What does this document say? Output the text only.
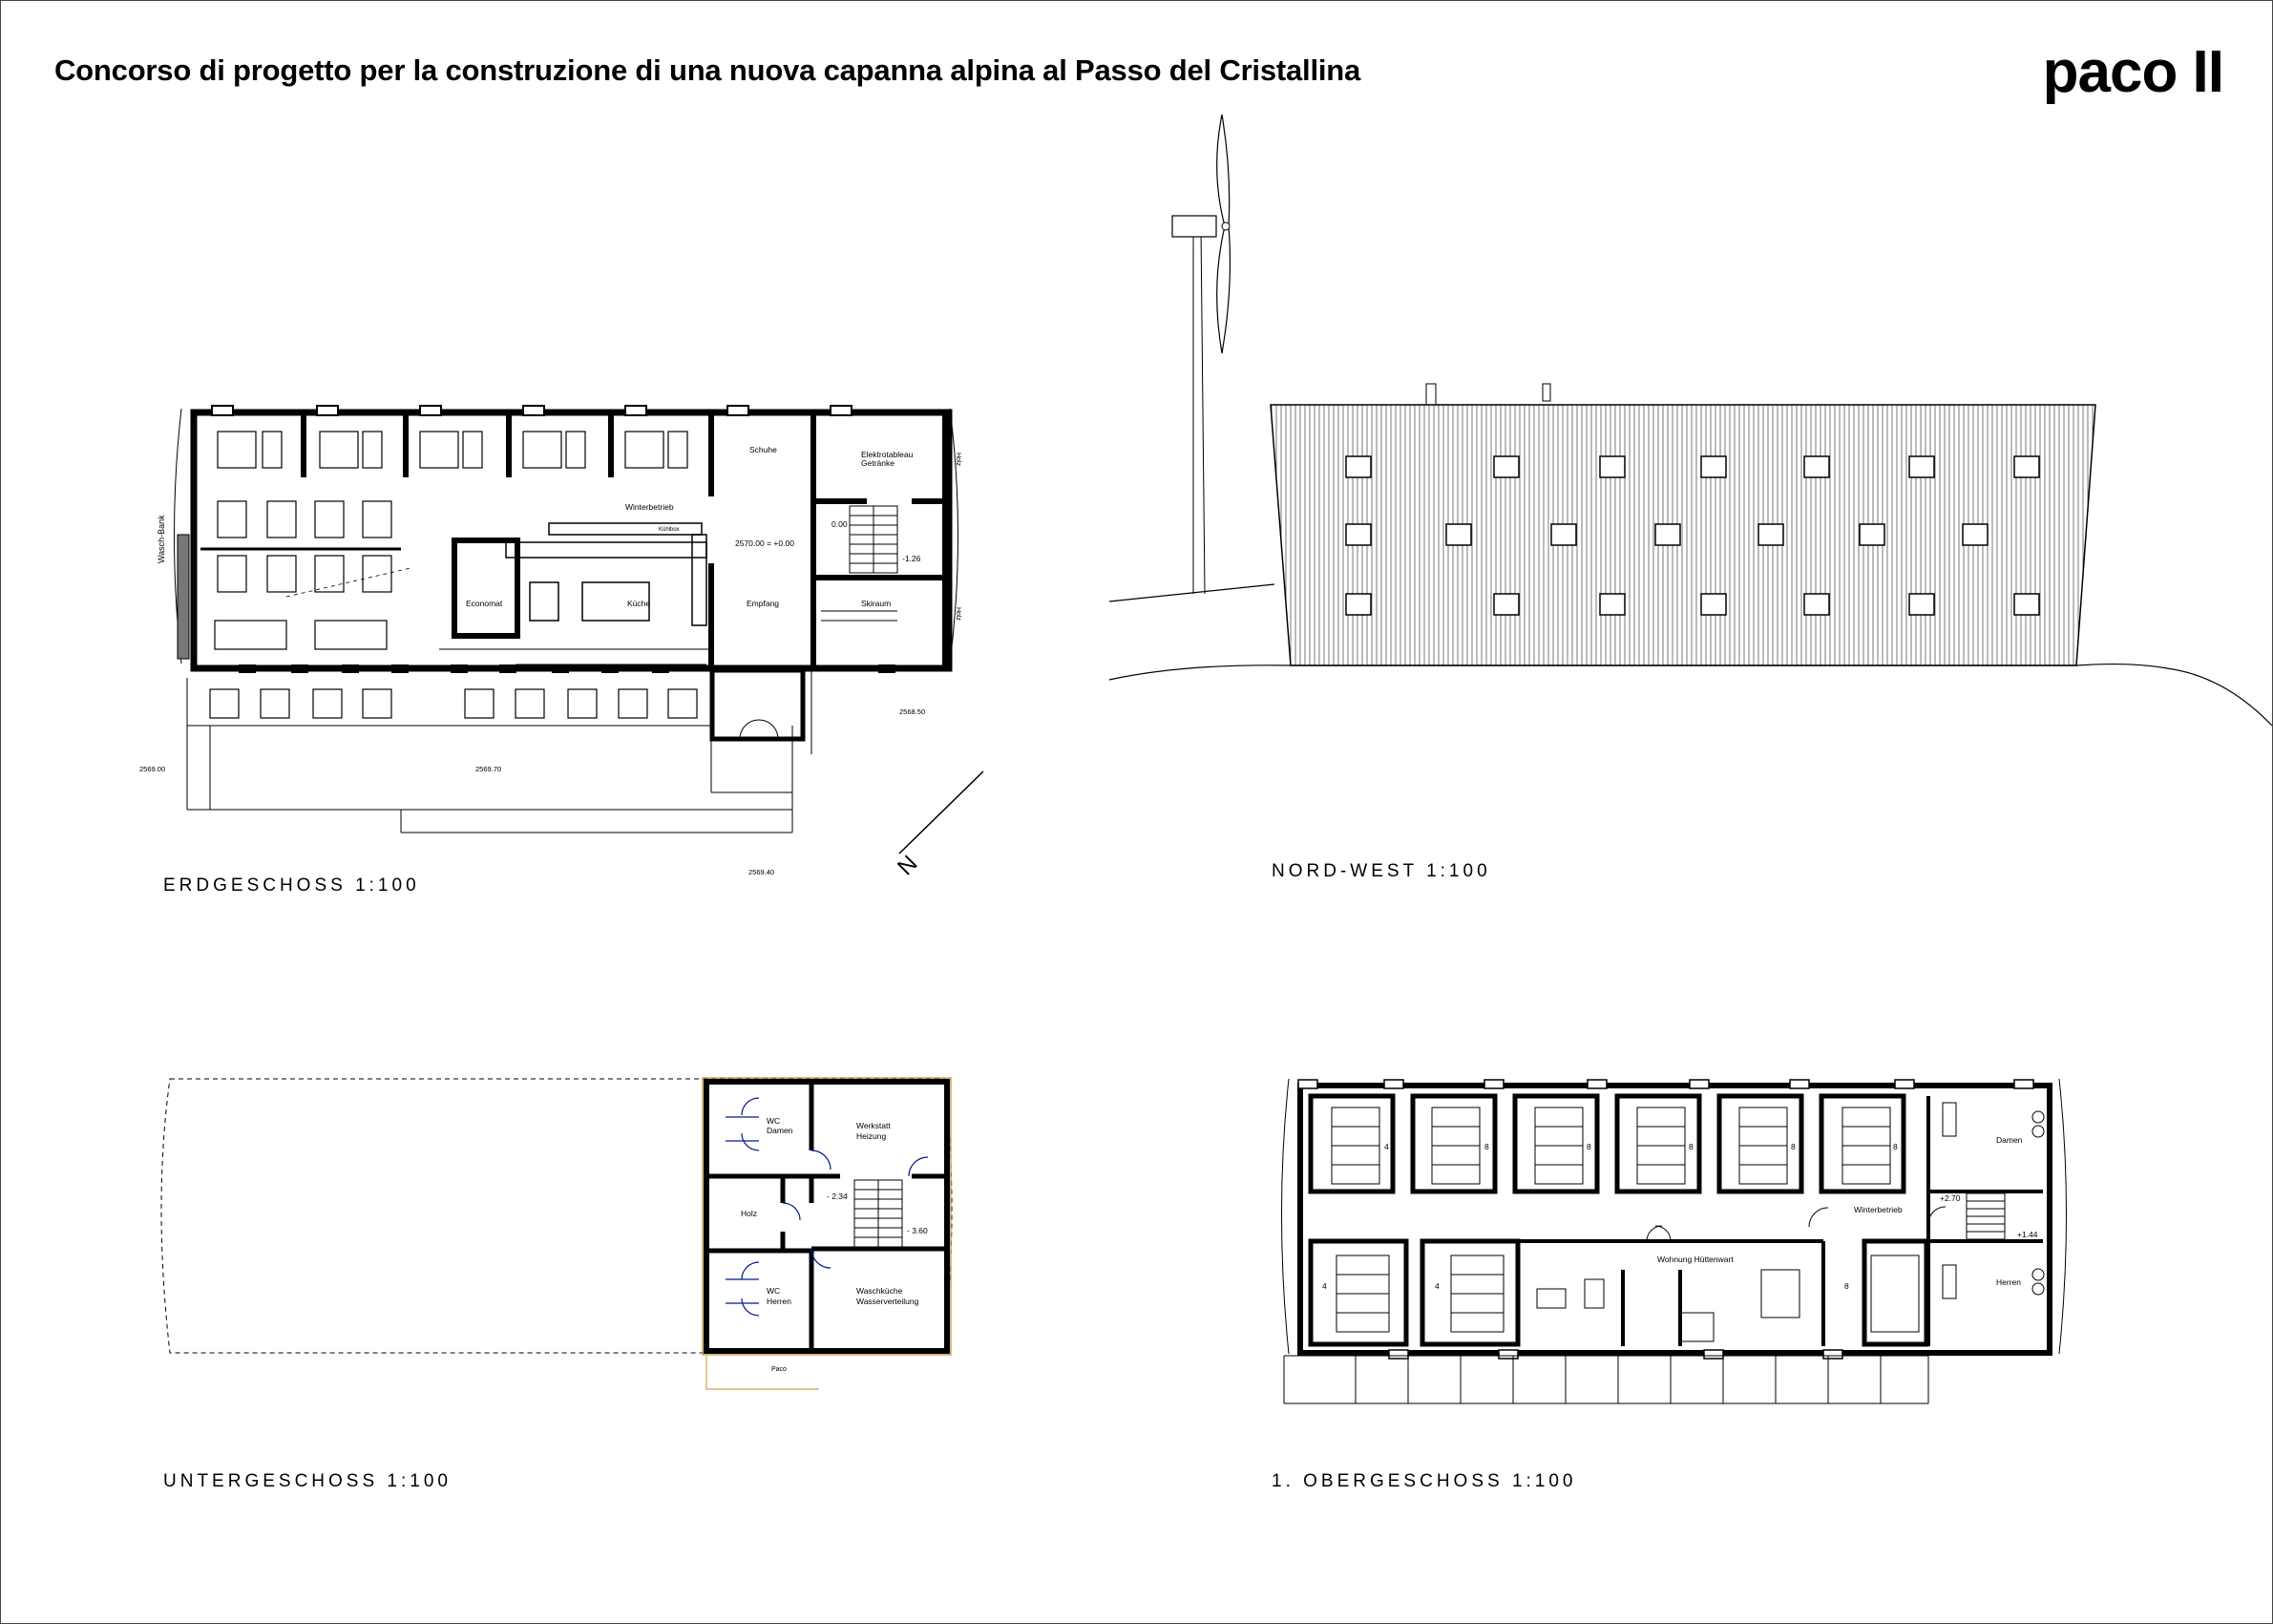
Concorso di progetto per la construzione di una nuova capanna alpina al Passo del Cristallina	paco II
ERDGESCHOSS 1:100
NORD-WEST 1:100
UNTERGESCHOSS 1:100	1. OBERGESCHOSS 1:100
Wasch-Bank
N
Schuhe	Elektrotableau
Getränke
Winterbetrieb
Kühlbox
Economat	Küche	Empfang	Skiraum
2570.00 = +0.00
0.00
-1.26
Holz
Holz
2568.50
2569.00	2569.70
2569.40
WC
Damen	Werkstatt
Heizung
Holz
- 2.34
- 3.60
WC
Herren
Waschküche
Wasserverteilung
Paco
Damen
Herren
Winterbetrieb
Wohnung Hüttenwart
+2.70
+1.44
4	8	8	8	8	8
4	4	8
